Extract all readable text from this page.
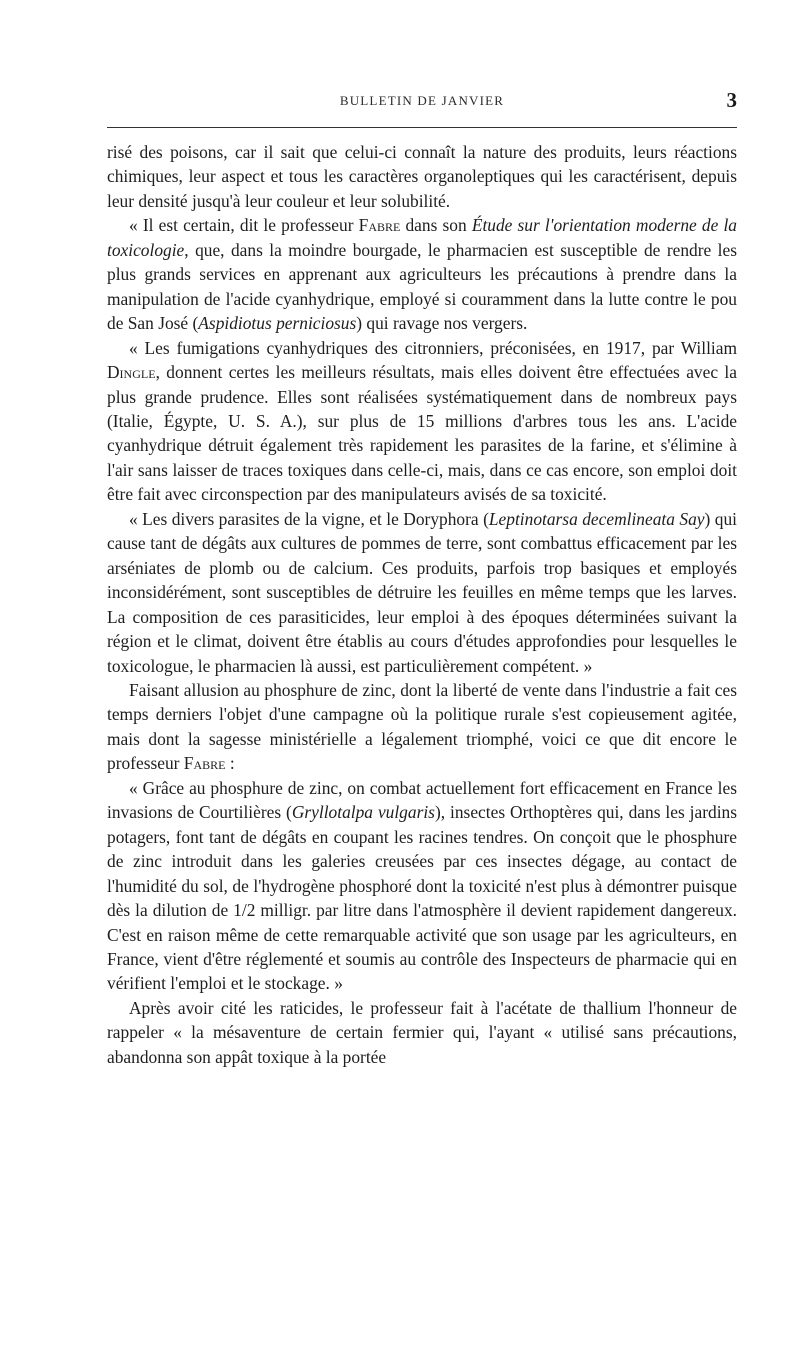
BULLETIN DE JANVIER	3

risé des poisons, car il sait que celui-ci connaît la nature des produits, leurs réactions chimiques, leur aspect et tous les caractères organoleptiques qui les caractérisent, depuis leur densité jusqu'à leur couleur et leur solubilité.

« Il est certain, dit le professeur Fabre dans son Étude sur l'orientation moderne de la toxicologie, que, dans la moindre bourgade, le pharmacien est susceptible de rendre les plus grands services en apprenant aux agriculteurs les précautions à prendre dans la manipulation de l'acide cyanhydrique, employé si couramment dans la lutte contre le pou de San José (Aspidiotus perniciosus) qui ravage nos vergers.

« Les fumigations cyanhydriques des citronniers, préconisées, en 1917, par William Dingle, donnent certes les meilleurs résultats, mais elles doivent être effectuées avec la plus grande prudence. Elles sont réalisées systématiquement dans de nombreux pays (Italie, Égypte, U. S. A.), sur plus de 15 millions d'arbres tous les ans. L'acide cyanhydrique détruit également très rapidement les parasites de la farine, et s'élimine à l'air sans laisser de traces toxiques dans celle-ci, mais, dans ce cas encore, son emploi doit être fait avec circonspection par des manipulateurs avisés de sa toxicité.

« Les divers parasites de la vigne, et le Doryphora (Leptinotarsa decemlineata Say) qui cause tant de dégâts aux cultures de pommes de terre, sont combattus efficacement par les arséniates de plomb ou de calcium. Ces produits, parfois trop basiques et employés inconsidérément, sont susceptibles de détruire les feuilles en même temps que les larves. La composition de ces parasiticides, leur emploi à des époques déterminées suivant la région et le climat, doivent être établis au cours d'études approfondies pour lesquelles le toxicologue, le pharmacien là aussi, est particulièrement compétent. »

Faisant allusion au phosphure de zinc, dont la liberté de vente dans l'industrie a fait ces temps derniers l'objet d'une campagne où la politique rurale s'est copieusement agitée, mais dont la sagesse ministérielle a légalement triomphé, voici ce que dit encore le professeur Fabre :

« Grâce au phosphure de zinc, on combat actuellement fort efficacement en France les invasions de Courtilières (Gryllotalpa vulgaris), insectes Orthoptères qui, dans les jardins potagers, font tant de dégâts en coupant les racines tendres. On conçoit que le phosphure de zinc introduit dans les galeries creusées par ces insectes dégage, au contact de l'humidité du sol, de l'hydrogène phosphoré dont la toxicité n'est plus à démontrer puisque dès la dilution de 1/2 milligr. par litre dans l'atmosphère il devient rapidement dangereux. C'est en raison même de cette remarquable activité que son usage par les agriculteurs, en France, vient d'être réglementé et soumis au contrôle des Inspecteurs de pharmacie qui en vérifient l'emploi et le stockage. »

Après avoir cité les raticides, le professeur fait à l'acétate de thallium l'honneur de rappeler « la mésaventure de certain fermier qui, l'ayant « utilisé sans précautions, abandonna son appât toxique à la portée
